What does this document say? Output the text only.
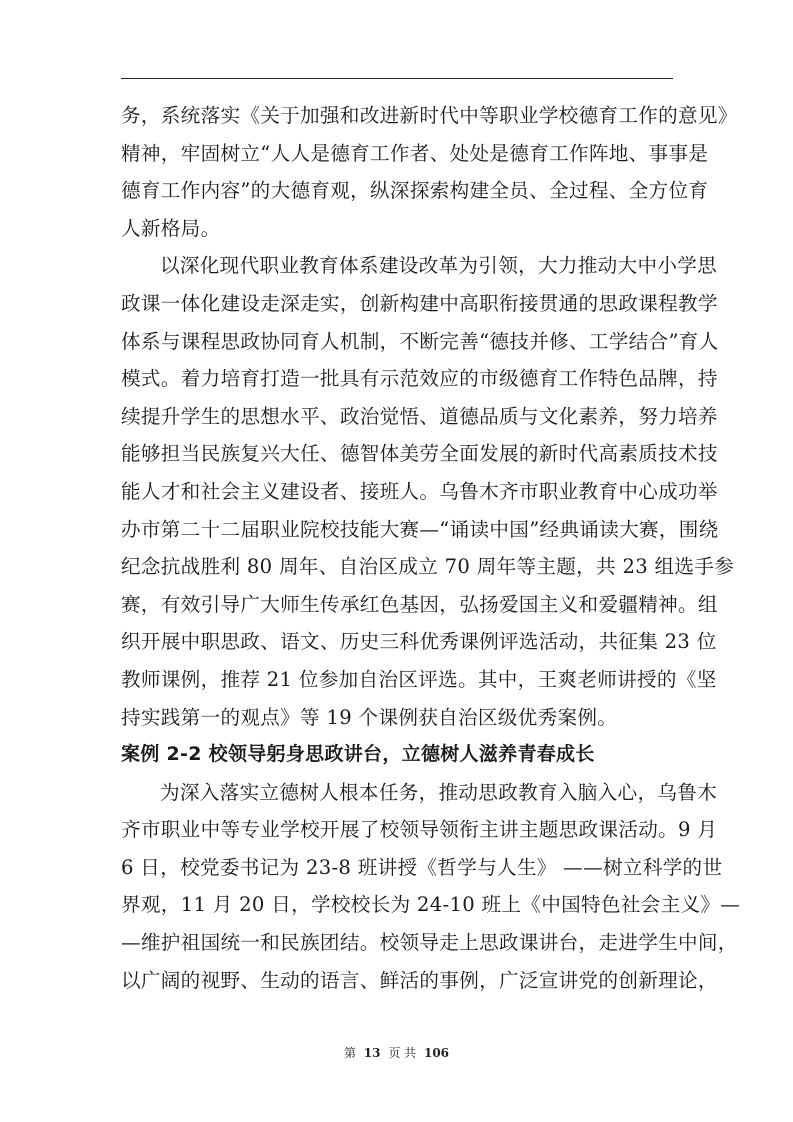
务，系统落实《关于加强和改进新时代中等职业学校德育工作的意见》
精神，牢固树立“人人是德育工作者、处处是德育工作阵地、事事是
德育工作内容”的大德育观，纵深探索构建全员、全过程、全方位育
人新格局。
以深化现代职业教育体系建设改革为引领，大力推动大中小学思
政课一体化建设走深走实，创新构建中高职衔接贯通的思政课程教学
体系与课程思政协同育人机制，不断完善“德技并修、工学结合”育人
模式。着力培育打造一批具有示范效应的市级德育工作特色品牌，持
续提升学生的思想水平、政治觉悟、道德品质与文化素养，努力培养
能够担当民族复兴大任、德智体美劳全面发展的新时代高素质技术技
能人才和社会主义建设者、接班人。乌鲁木齐市职业教育中心成功举
办市第二十二届职业院校技能大赛—“诵读中国”经典诵读大赛，围绕
纪念抗战胜利 80 周年、自治区成立 70 周年等主题，共 23 组选手参
赛，有效引导广大师生传承红色基因，弘扬爱国主义和爱疆精神。组
织开展中职思政、语文、历史三科优秀课例评选活动，共征集 23 位
教师课例，推荐 21 位参加自治区评选。其中，王爽老师讲授的《坚
持实践第一的观点》等 19 个课例获自治区级优秀案例。
案例 2-2 校领导躬身思政讲台，立德树人滋养青春成长
为深入落实立德树人根本任务，推动思政教育入脑入心，乌鲁木
齐市职业中等专业学校开展了校领导领衔主讲主题思政课活动。9 月
6 日，校党委书记为 23-8 班讲授《哲学与人生》 ——树立科学的世
界观，11 月 20 日，学校校长为 24-10 班上《中国特色社会主义》—
—维护祖国统一和民族团结。校领导走上思政课讲台，走进学生中间，
以广阔的视野、生动的语言、鲜活的事例，广泛宣讲党的创新理论，
第 13 页 共 106
